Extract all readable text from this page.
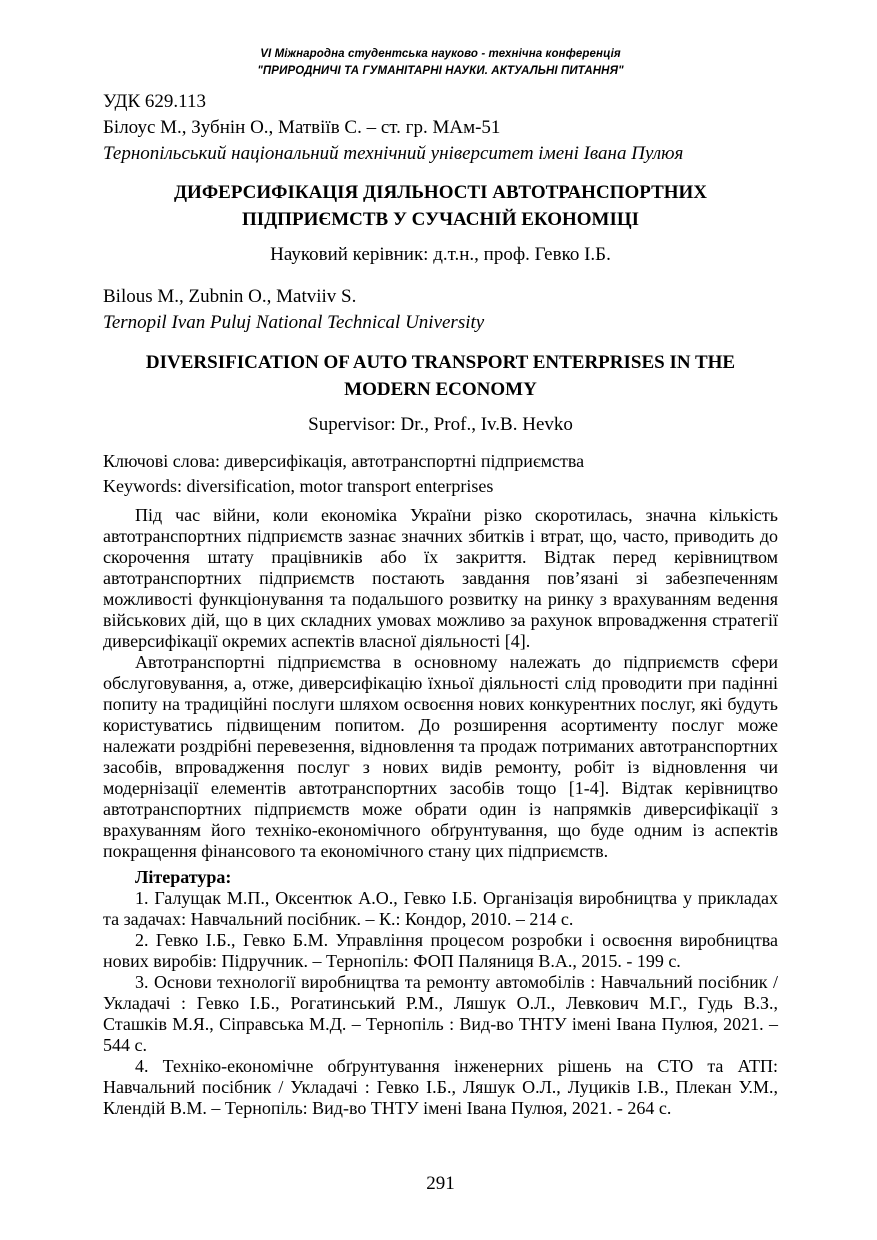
VI Міжнародна студентська науково - технічна конференція
"ПРИРОДНИЧІ ТА ГУМАНІТАРНІ НАУКИ. АКТУАЛЬНІ ПИТАННЯ"
УДК 629.113
Білоус М., Зубнін О., Матвіїв С. – ст. гр. МАм-51
Тернопільський національний технічний університет імені Івана Пулюя
ДИФЕРСИФІКАЦІЯ ДІЯЛЬНОСТІ АВТОТРАНСПОРТНИХ ПІДПРИЄМСТВ У СУЧАСНІЙ ЕКОНОМІЦІ
Науковий керівник: д.т.н., проф. Гевко І.Б.
Bilous M., Zubnin O., Matviiv S.
Ternopil Ivan Puluj National Technical University
DIVERSIFICATION OF AUTO TRANSPORT ENTERPRISES IN THE MODERN ECONOMY
Supervisor: Dr., Prof., Iv.B. Hevko
Ключові слова: диверсифікація, автотранспортні підприємства
Keywords: diversification, motor transport enterprises

Під час війни, коли економіка України різко скоротилась, значна кількість автотранспортних підприємств зазнає значних збитків і втрат, що, часто, приводить до скорочення штату працівників або їх закриття. Відтак перед керівництвом автотранспортних підприємств постають завдання пов’язані зі забезпеченням можливості функціонування та подальшого розвитку на ринку з врахуванням ведення військових дій, що в цих складних умовах можливо за рахунок впровадження стратегії диверсифікації окремих аспектів власної діяльності [4].

Автотранспортні підприємства в основному належать до підприємств сфери обслуговування, а, отже, диверсифікацію їхньої діяльності слід проводити при падінні попиту на традиційні послуги шляхом освоєння нових конкурентних послуг, які будуть користуватись підвищеним попитом. До розширення асортименту послуг може належати роздрібні перевезення, відновлення та продаж потриманих автотранспортних засобів, впровадження послуг з нових видів ремонту, робіт із відновлення чи модернізації елементів автотранспортних засобів тощо [1-4]. Відтак керівництво автотранспортних підприємств може обрати один із напрямків диверсифікації з врахуванням його техніко-економічного обґрунтування, що буде одним із аспектів покращення фінансового та економічного стану цих підприємств.

Література:

1. Галущак М.П., Оксентюк А.О., Гевко І.Б. Організація виробництва у прикладах та задачах: Навчальний посібник. – К.: Кондор, 2010. – 214 с.

2. Гевко І.Б., Гевко Б.М. Управління процесом розробки і освоєння виробництва нових виробів: Підручник. – Тернопіль: ФОП Паляниця В.А., 2015. - 199 с.

3. Основи технології виробництва та ремонту автомобілів : Навчальний посібник / Укладачі : Гевко І.Б., Рогатинський Р.М., Ляшук О.Л., Левкович М.Г., Гудь В.З., Сташків М.Я., Сіправська М.Д. – Тернопіль : Вид-во ТНТУ імені Івана Пулюя, 2021. – 544 с.

4. Техніко-економічне обґрунтування інженерних рішень на СТО та АТП: Навчальний посібник / Укладачі : Гевко І.Б., Ляшук О.Л., Луциків І.В., Плекан У.М., Клендій В.М. – Тернопіль: Вид-во ТНТУ імені Івана Пулюя, 2021. - 264 с.

291
